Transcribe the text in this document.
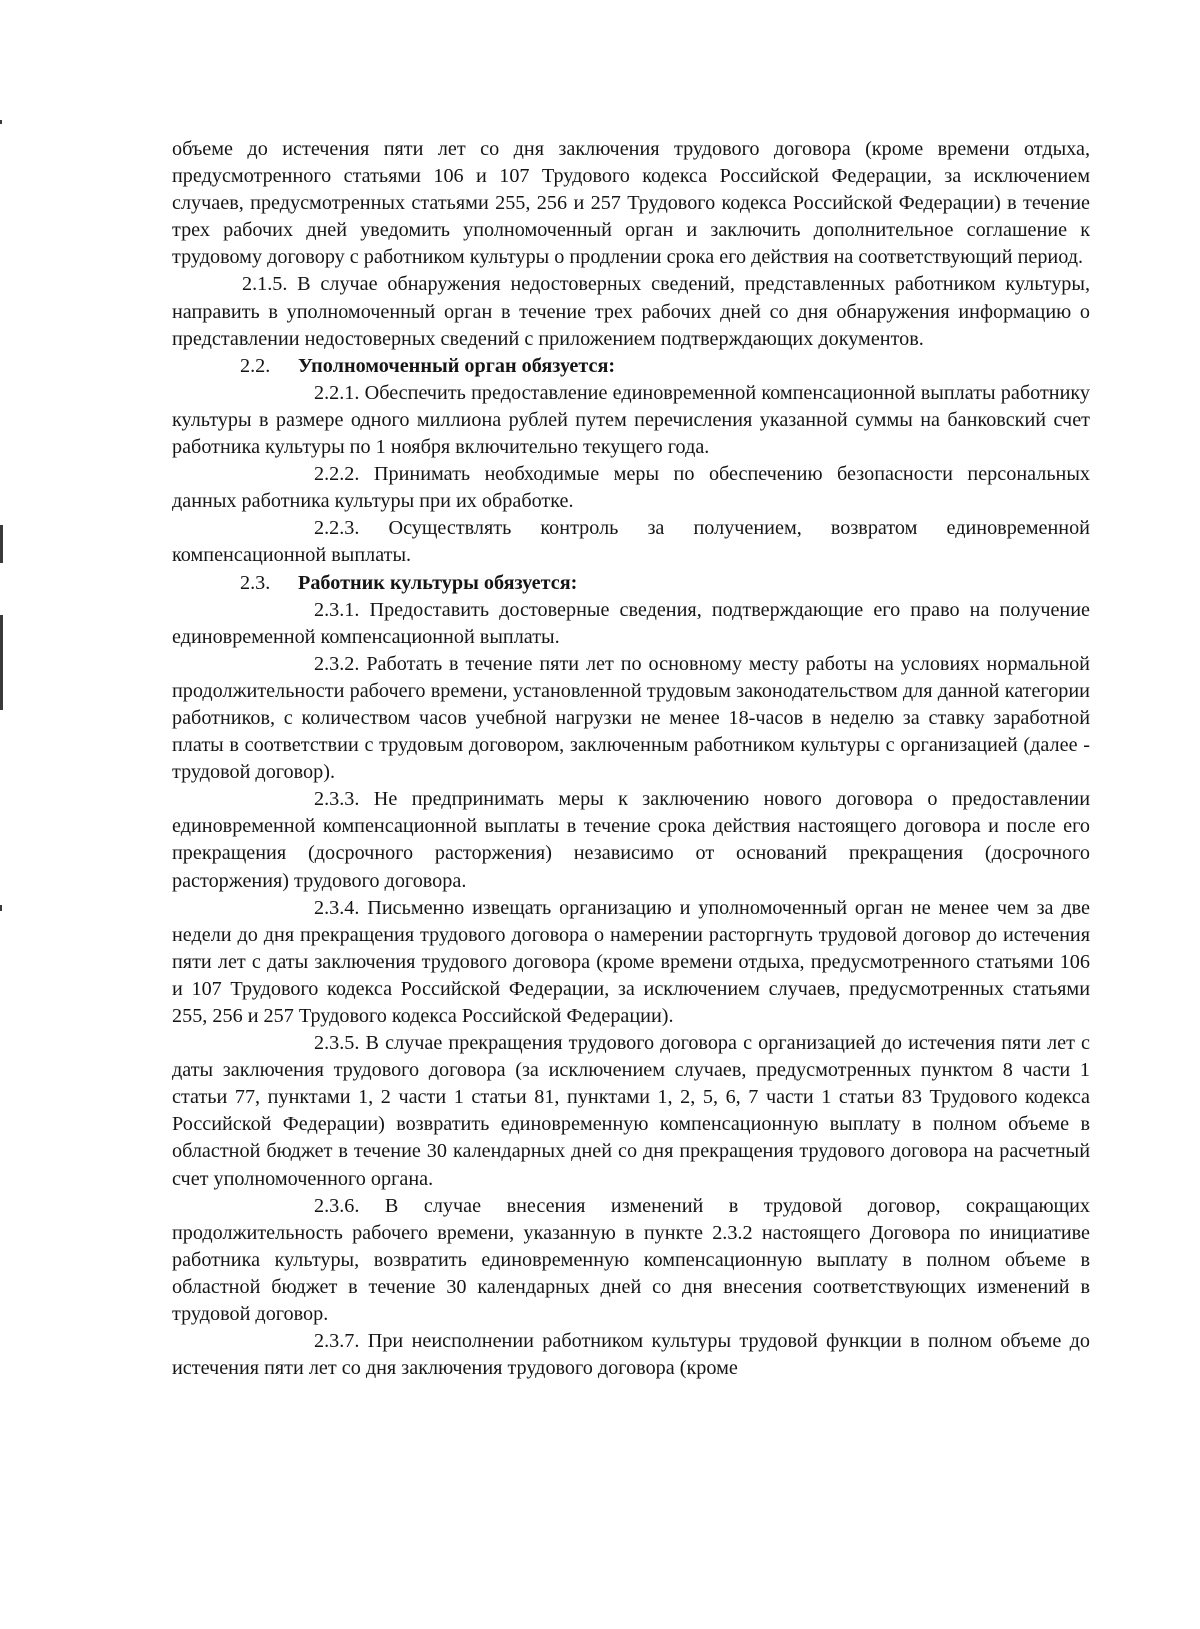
объеме до истечения пяти лет со дня заключения трудового договора (кроме времени отдыха, предусмотренного статьями 106 и 107 Трудового кодекса Российской Федерации, за исключением случаев, предусмотренных статьями 255, 256 и 257 Трудового кодекса Российской Федерации) в течение трех рабочих дней уведомить уполномоченный орган и заключить дополнительное соглашение к трудовому договору с работником культуры о продлении срока его действия на соответствующий период.

2.1.5. В случае обнаружения недостоверных сведений, представленных работником культуры, направить в уполномоченный орган в течение трех рабочих дней со дня обнаружения информацию о представлении недостоверных сведений с приложением подтверждающих документов.

2.2. Уполномоченный орган обязуется:

2.2.1. Обеспечить предоставление единовременной компенсационной выплаты работнику культуры в размере одного миллиона рублей путем перечисления указанной суммы на банковский счет работника культуры по 1 ноября включительно текущего года.

2.2.2. Принимать необходимые меры по обеспечению безопасности персональных данных работника культуры при их обработке.

2.2.3. Осуществлять контроль за получением, возвратом единовременной компенсационной выплаты.

2.3. Работник культуры обязуется:

2.3.1. Предоставить достоверные сведения, подтверждающие его право на получение единовременной компенсационной выплаты.

2.3.2. Работать в течение пяти лет по основному месту работы на условиях нормальной продолжительности рабочего времени, установленной трудовым законодательством для данной категории работников, с количеством часов учебной нагрузки не менее 18-часов в неделю за ставку заработной платы в соответствии с трудовым договором, заключенным работником культуры с организацией (далее - трудовой договор).

2.3.3. Не предпринимать меры к заключению нового договора о предоставлении единовременной компенсационной выплаты в течение срока действия настоящего договора и после его прекращения (досрочного расторжения) независимо от оснований прекращения (досрочного расторжения) трудового договора.

2.3.4. Письменно извещать организацию и уполномоченный орган не менее чем за две недели до дня прекращения трудового договора о намерении расторгнуть трудовой договор до истечения пяти лет с даты заключения трудового договора (кроме времени отдыха, предусмотренного статьями 106 и 107 Трудового кодекса Российской Федерации, за исключением случаев, предусмотренных статьями 255, 256 и 257 Трудового кодекса Российской Федерации).

2.3.5. В случае прекращения трудового договора с организацией до истечения пяти лет с даты заключения трудового договора (за исключением случаев, предусмотренных пунктом 8 части 1 статьи 77, пунктами 1, 2 части 1 статьи 81, пунктами 1, 2, 5, 6, 7 части 1 статьи 83 Трудового кодекса Российской Федерации) возвратить единовременную компенсационную выплату в полном объеме в областной бюджет в течение 30 календарных дней со дня прекращения трудового договора на расчетный счет уполномоченного органа.

2.3.6. В случае внесения изменений в трудовой договор, сокращающих продолжительность рабочего времени, указанную в пункте 2.3.2 настоящего Договора по инициативе работника культуры, возвратить единовременную компенсационную выплату в полном объеме в областной бюджет в течение 30 календарных дней со дня внесения соответствующих изменений в трудовой договор.

2.3.7. При неисполнении работником культуры трудовой функции в полном объеме до истечения пяти лет со дня заключения трудового договора (кроме
